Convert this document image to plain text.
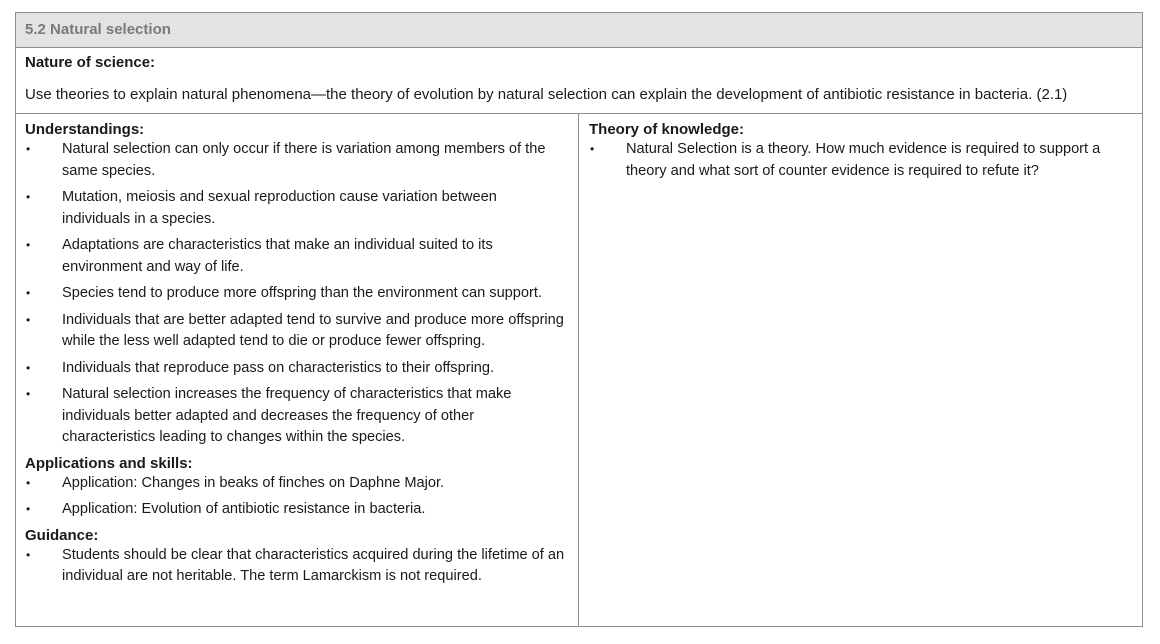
5.2 Natural selection
Nature of science:
Use theories to explain natural phenomena—the theory of evolution by natural selection can explain the development of antibiotic resistance in bacteria. (2.1)
Understandings:
• Natural selection can only occur if there is variation among members of the same species.
• Mutation, meiosis and sexual reproduction cause variation between individuals in a species.
• Adaptations are characteristics that make an individual suited to its environment and way of life.
• Species tend to produce more offspring than the environment can support.
• Individuals that are better adapted tend to survive and produce more offspring while the less well adapted tend to die or produce fewer offspring.
• Individuals that reproduce pass on characteristics to their offspring.
• Natural selection increases the frequency of characteristics that make individuals better adapted and decreases the frequency of other characteristics leading to changes within the species.
Applications and skills:
• Application: Changes in beaks of finches on Daphne Major.
• Application: Evolution of antibiotic resistance in bacteria.
Guidance:
• Students should be clear that characteristics acquired during the lifetime of an individual are not heritable. The term Lamarckism is not required.
Theory of knowledge:
• Natural Selection is a theory. How much evidence is required to support a theory and what sort of counter evidence is required to refute it?
